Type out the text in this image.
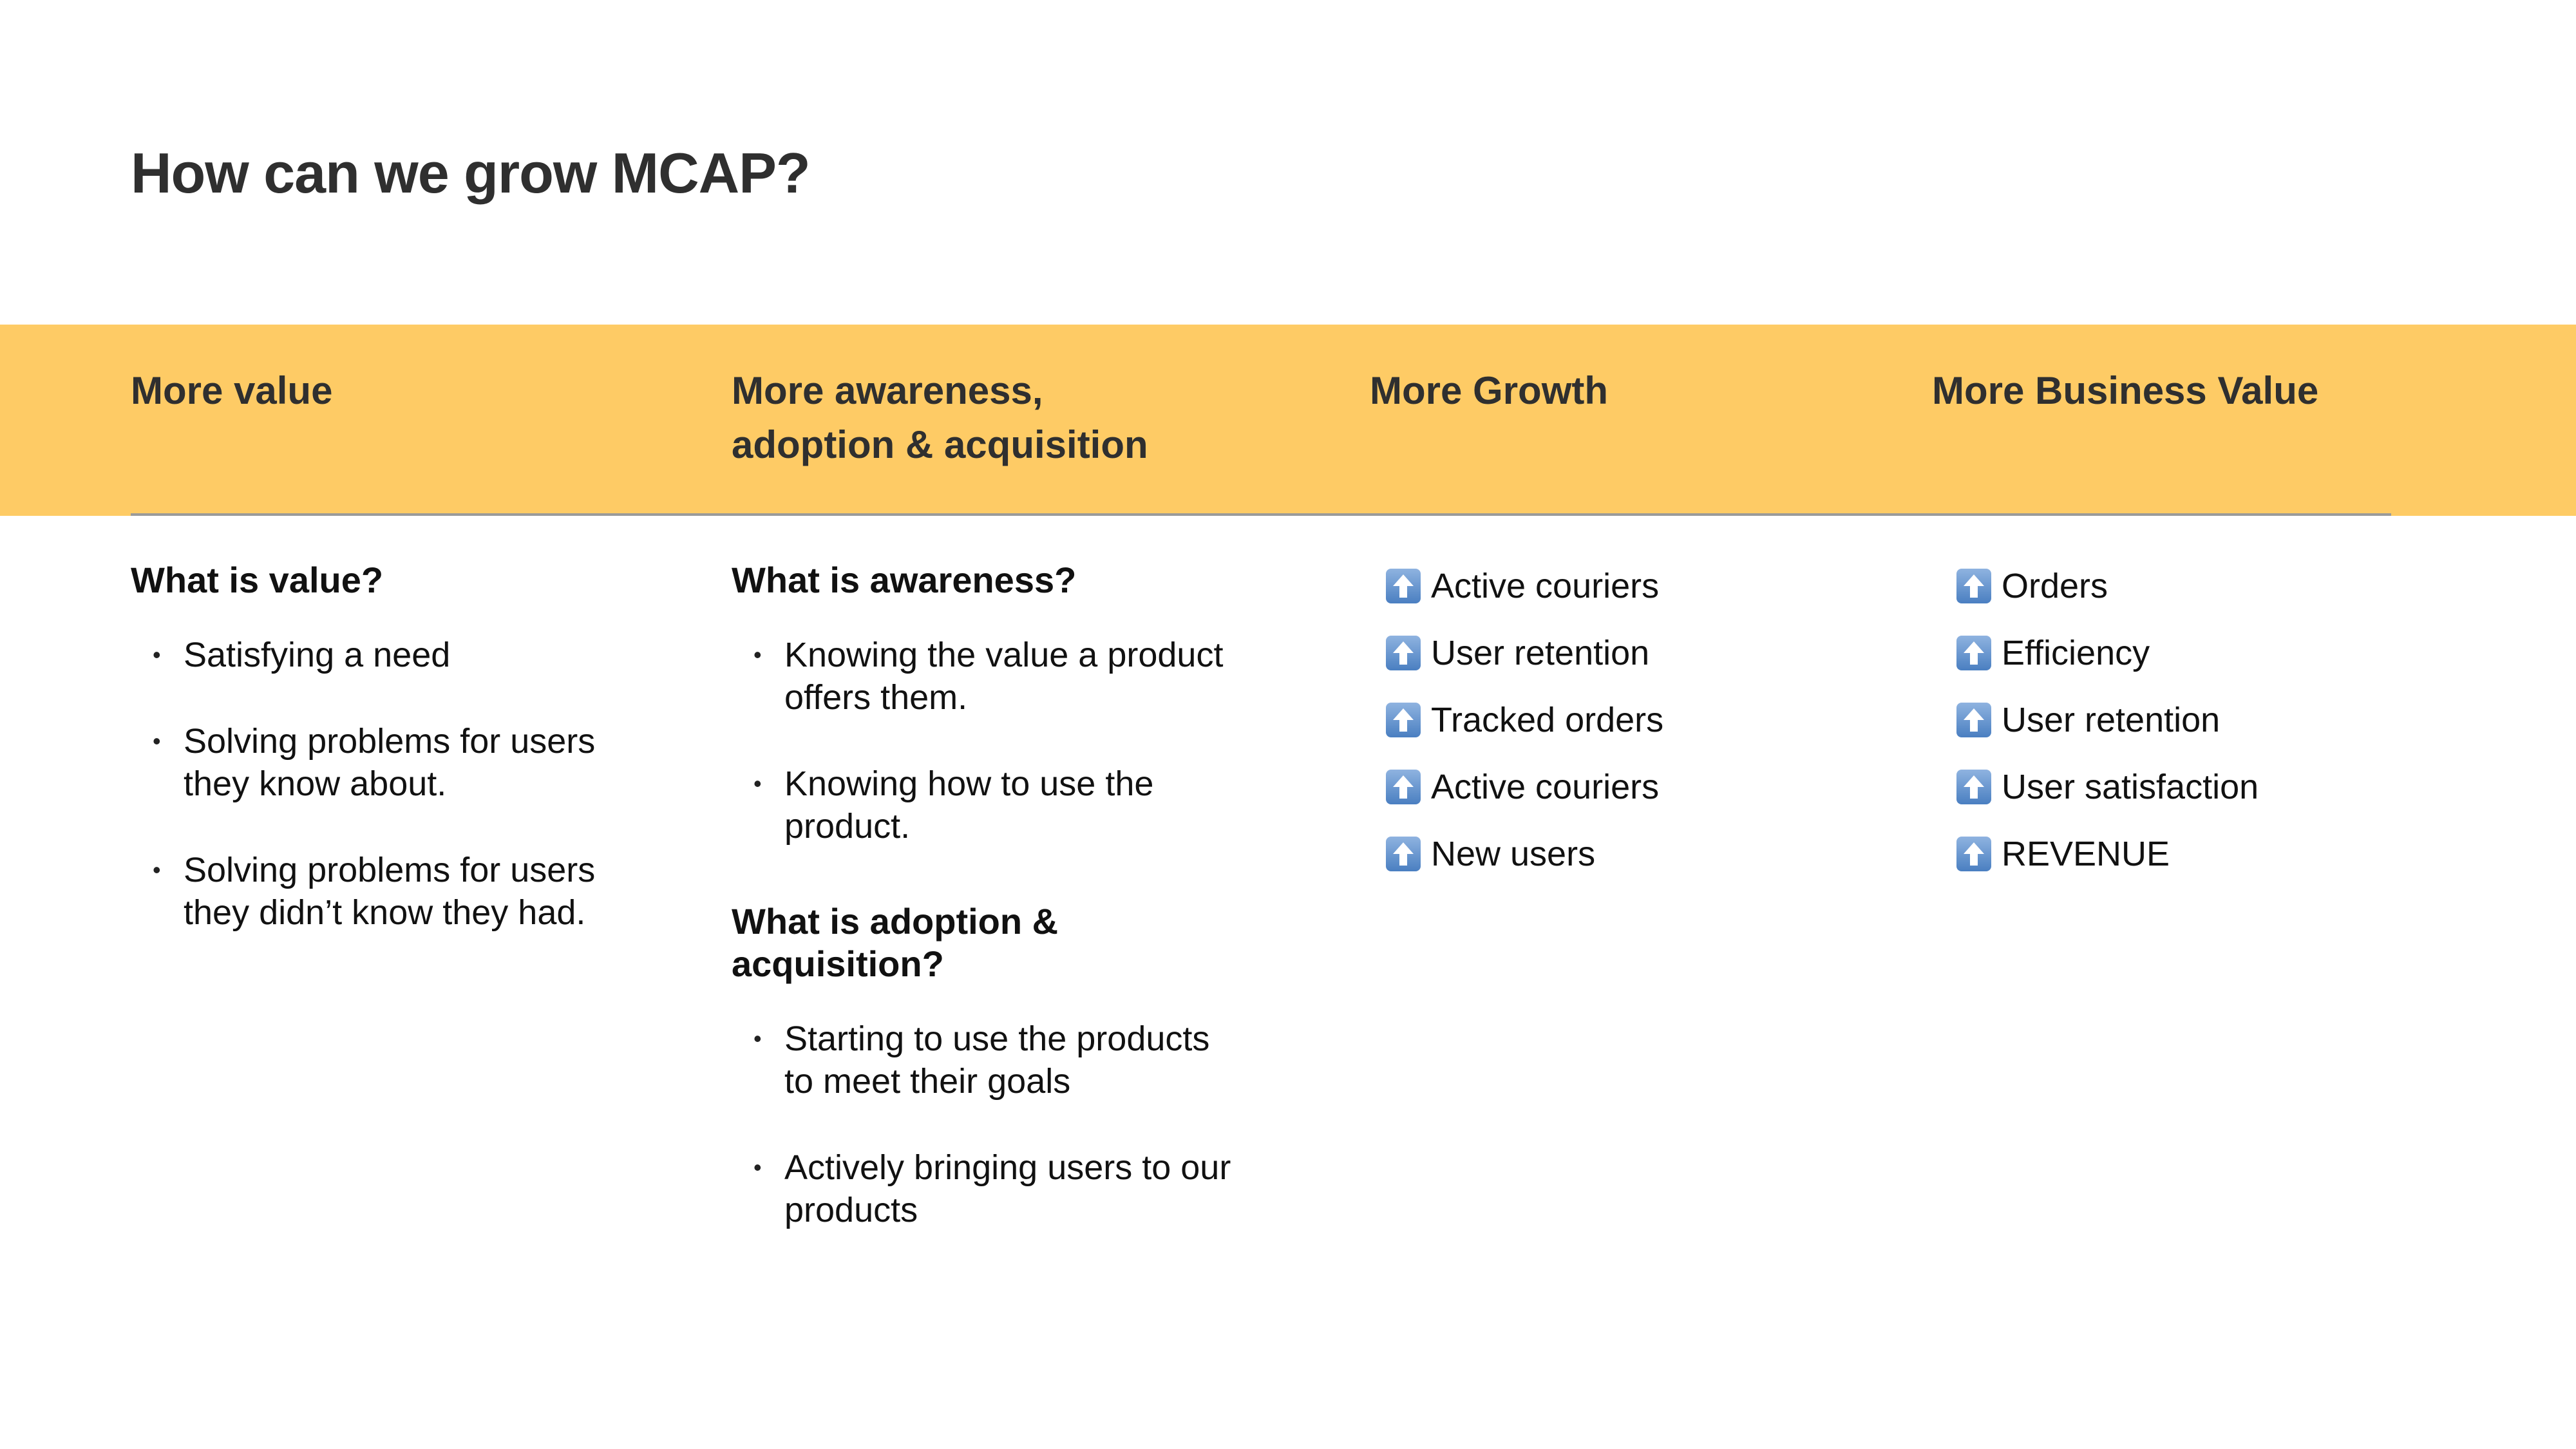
How can we grow MCAP?
More value	More awareness,
adoption & acquisition
More Growth	More Business Value
What is value?
• Satisfying a need
• Solving problems for users they know about.
• Solving problems for users they didn’t know they had.
What is awareness?
• Knowing the value a product offers them.
• Knowing how to use the product.
What is adoption & acquisition?
• Starting to use the products to meet their goals
• Actively bringing users to our products
Active couriers
User retention
Tracked orders
Active couriers
New users
Orders
Efficiency
User retention
User satisfaction
REVENUE
